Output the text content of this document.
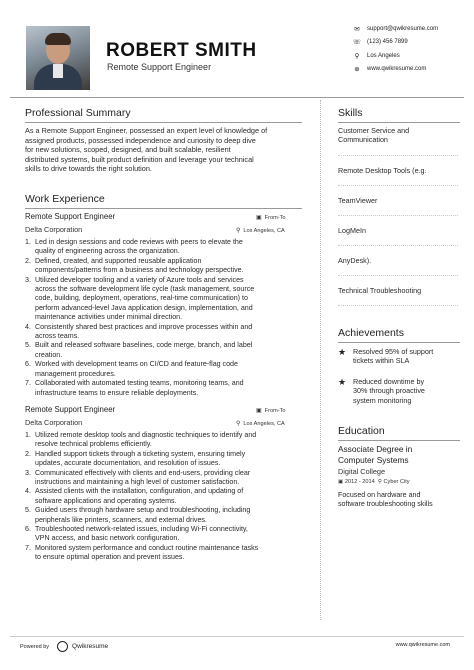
ROBERT SMITH
Remote Support Engineer
✉	support@qwikresume.com
☏ (123) 456 7899
⚲	Los Angeles
⊕	www.qwikresume.com
Professional Summary
As a Remote Support Engineer, possessed an expert level of knowledge of
assigned products, possessed independence and curiosity to deep dive
for new solutions, scoped, designed, and built scalable, resilient
distributed systems, built product definition and leverage your technical
skills to drive towards the right solution.
Work Experience
Remote Support Engineer	▣ From-To
Delta Corporation	⚲ Los Angeles, CA
1. Led in design sessions and code reviews with peers to elevate the
quality of engineering across the organization.
2. Defined, created, and supported reusable application
components/patterns from a business and technology perspective.
3. Utilized developer tooling and a variety of Azure tools and services
across the software development life cycle (task management, source
code, building, deployment, operations, real-time communication) to
perform advanced-level Java application design, implementation, and
maintenance activities under minimal direction.
4. Consistently shared best practices and improve processes within and
across teams.
5. Built and released software baselines, code merge, branch, and label
creation.
6. Worked with development teams on CI/CD and feature-flag code
management procedures.
7. Collaborated with automated testing teams, monitoring teams, and
infrastructure teams to ensure reliable deployments.
Remote Support Engineer	▣ From-To
Delta Corporation	⚲ Los Angeles, CA
1. Utilized remote desktop tools and diagnostic techniques to identify and
resolve technical problems efficiently.
2. Handled support tickets through a ticketing system, ensuring timely
updates, accurate documentation, and resolution of issues.
3. Communicated effectively with clients and end-users, providing clear
instructions and maintaining a high level of customer satisfaction.
4. Assisted clients with the installation, configuration, and updating of
software applications and operating systems.
5. Guided users through hardware setup and troubleshooting, including
peripherals like printers, scanners, and external drives.
6. Troubleshooted network-related issues, including Wi-Fi connectivity,
VPN access, and basic network configuration.
7. Monitored system performance and conduct routine maintenance tasks
to ensure optimal operation and prevent issues.
Skills
Customer Service and
Communication
Remote Desktop Tools (e.g.
TeamViewer
LogMeIn
AnyDesk).
Technical Troubleshooting
Achievements
★ Resolved 95% of support
tickets within SLA
★ Reduced downtime by
30% through proactive
system monitoring
Education
Associate Degree in
Computer Systems
Digital College
▣ 2012 - 2014 ⚲ Cyber City
Focused on hardware and
software troubleshooting skills
Powered by	Qwikresume	www.qwikresume.com
